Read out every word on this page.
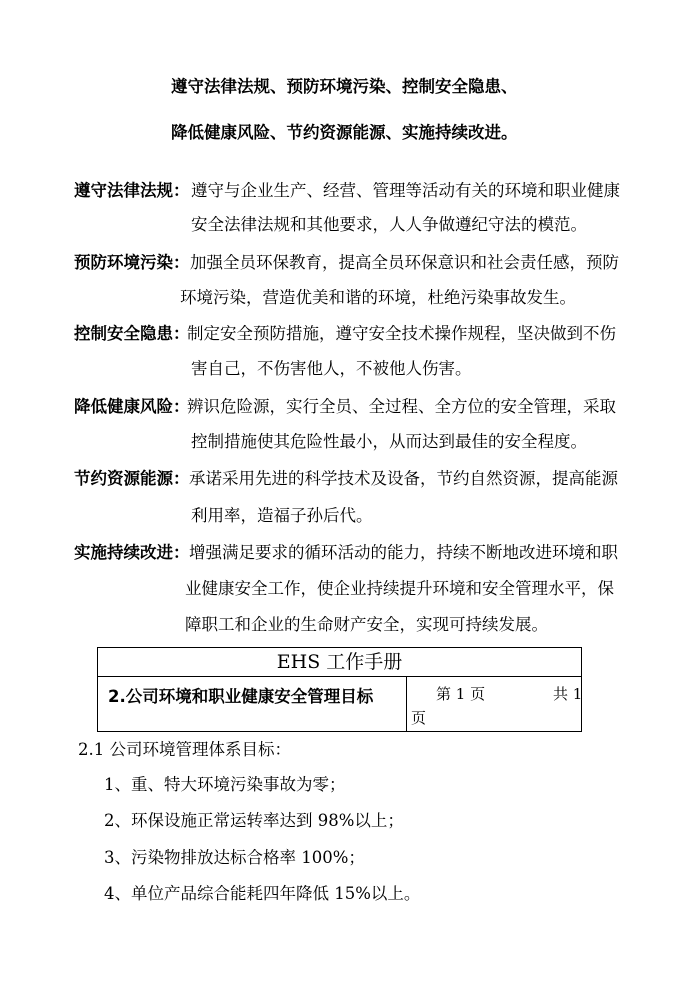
遵守法律法规、预防环境污染、控制安全隐患、
降低健康风险、节约资源能源、实施持续改进。
遵守法律法规： 遵守与企业生产、经营、管理等活动有关的环境和职业健康
安全法律法规和其他要求，人人争做遵纪守法的模范。
预防环境污染： 加强全员环保教育，提高全员环保意识和社会责任感，预防
环境污染，营造优美和谐的环境，杜绝污染事故发生。
控制安全隐患：
制定安全预防措施，遵守安全技术操作规程，坚决做到不伤
害自己，不伤害他人，不被他人伤害。
降低健康风险：
辨识危险源，实行全员、全过程、全方位的安全管理，采取
控制措施使其危险性最小，从而达到最佳的安全程度。
节约资源能源： 承诺采用先进的科学技术及设备，节约自然资源，提高能源
利用率，造福子孙后代。
实施持续改进： 增强满足要求的循环活动的能力，持续不断地改进环境和职
业健康安全工作，使企业持续提升环境和安全管理水平，保
障职工和企业的生命财产安全，实现可持续发展。
EHS 工作手册
2.公司环境和职业健康安全管理目标	第 1 页	共 1
页
2.1 公司环境管理体系目标：
1、重、特大环境污染事故为零；
2、环保设施正常运转率达到 98%以上；
3、污染物排放达标合格率 100%；
4、单位产品综合能耗四年降低 15%以上。
